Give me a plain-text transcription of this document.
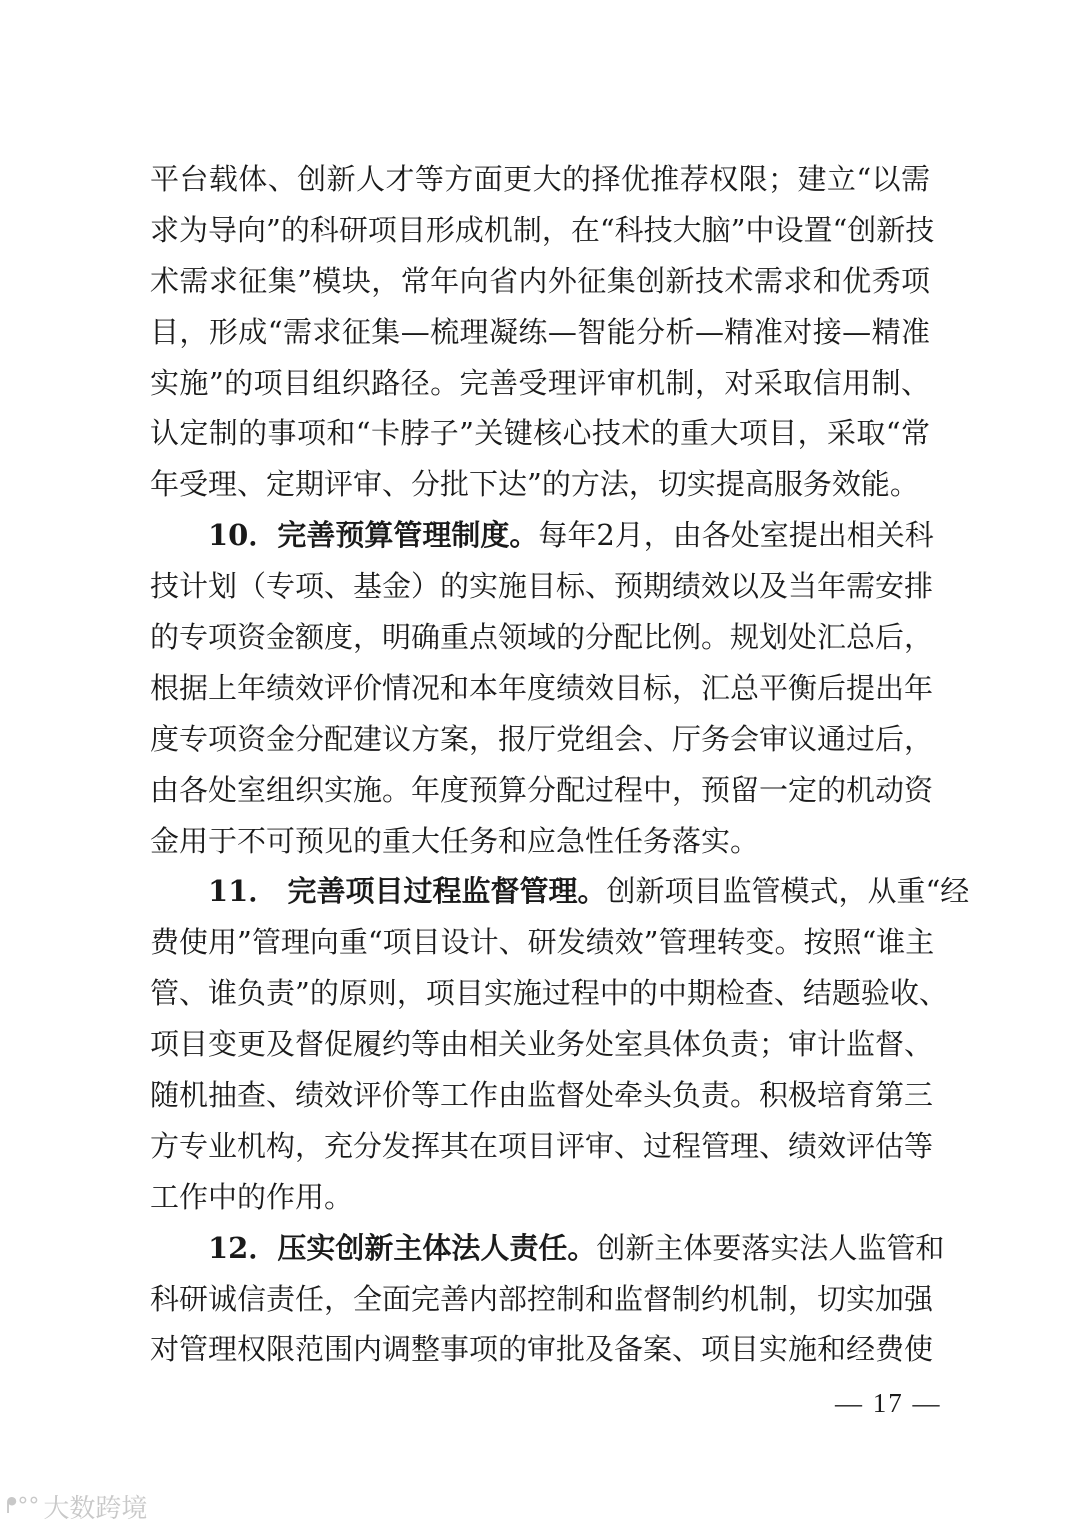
平台载体、创新人才等方面更大的择优推荐权限；建立“以需
求为导向”的科研项目形成机制，在“科技大脑”中设置“创新技
术需求征集”模块，常年向省内外征集创新技术需求和优秀项
目，形成“需求征集—梳理凝练—智能分析—精准对接—精准
实施”的项目组织路径。完善受理评审机制，对采取信用制、
认定制的事项和“卡脖子”关键核心技术的重大项目，采取“常
年受理、定期评审、分批下达”的方法，切实提高服务效能。
10．完善预算管理制度。每年2月，由各处室提出相关科
技计划（专项、基金）的实施目标、预期绩效以及当年需安排
的专项资金额度，明确重点领域的分配比例。规划处汇总后，
根据上年绩效评价情况和本年度绩效目标，汇总平衡后提出年
度专项资金分配建议方案，报厅党组会、厅务会审议通过后，
由各处室组织实施。年度预算分配过程中，预留一定的机动资
金用于不可预见的重大任务和应急性任务落实。
11． 完善项目过程监督管理。创新项目监管模式，从重“经
费使用”管理向重“项目设计、研发绩效”管理转变。按照“谁主
管、谁负责”的原则，项目实施过程中的中期检查、结题验收、
项目变更及督促履约等由相关业务处室具体负责；审计监督、
随机抽查、绩效评价等工作由监督处牵头负责。积极培育第三
方专业机构，充分发挥其在项目评审、过程管理、绩效评估等
工作中的作用。
12．压实创新主体法人责任。创新主体要落实法人监管和
科研诚信责任，全面完善内部控制和监督制约机制，切实加强
对管理权限范围内调整事项的审批及备案、项目实施和经费使
— 17 —
ᖰ°° 大数跨境
